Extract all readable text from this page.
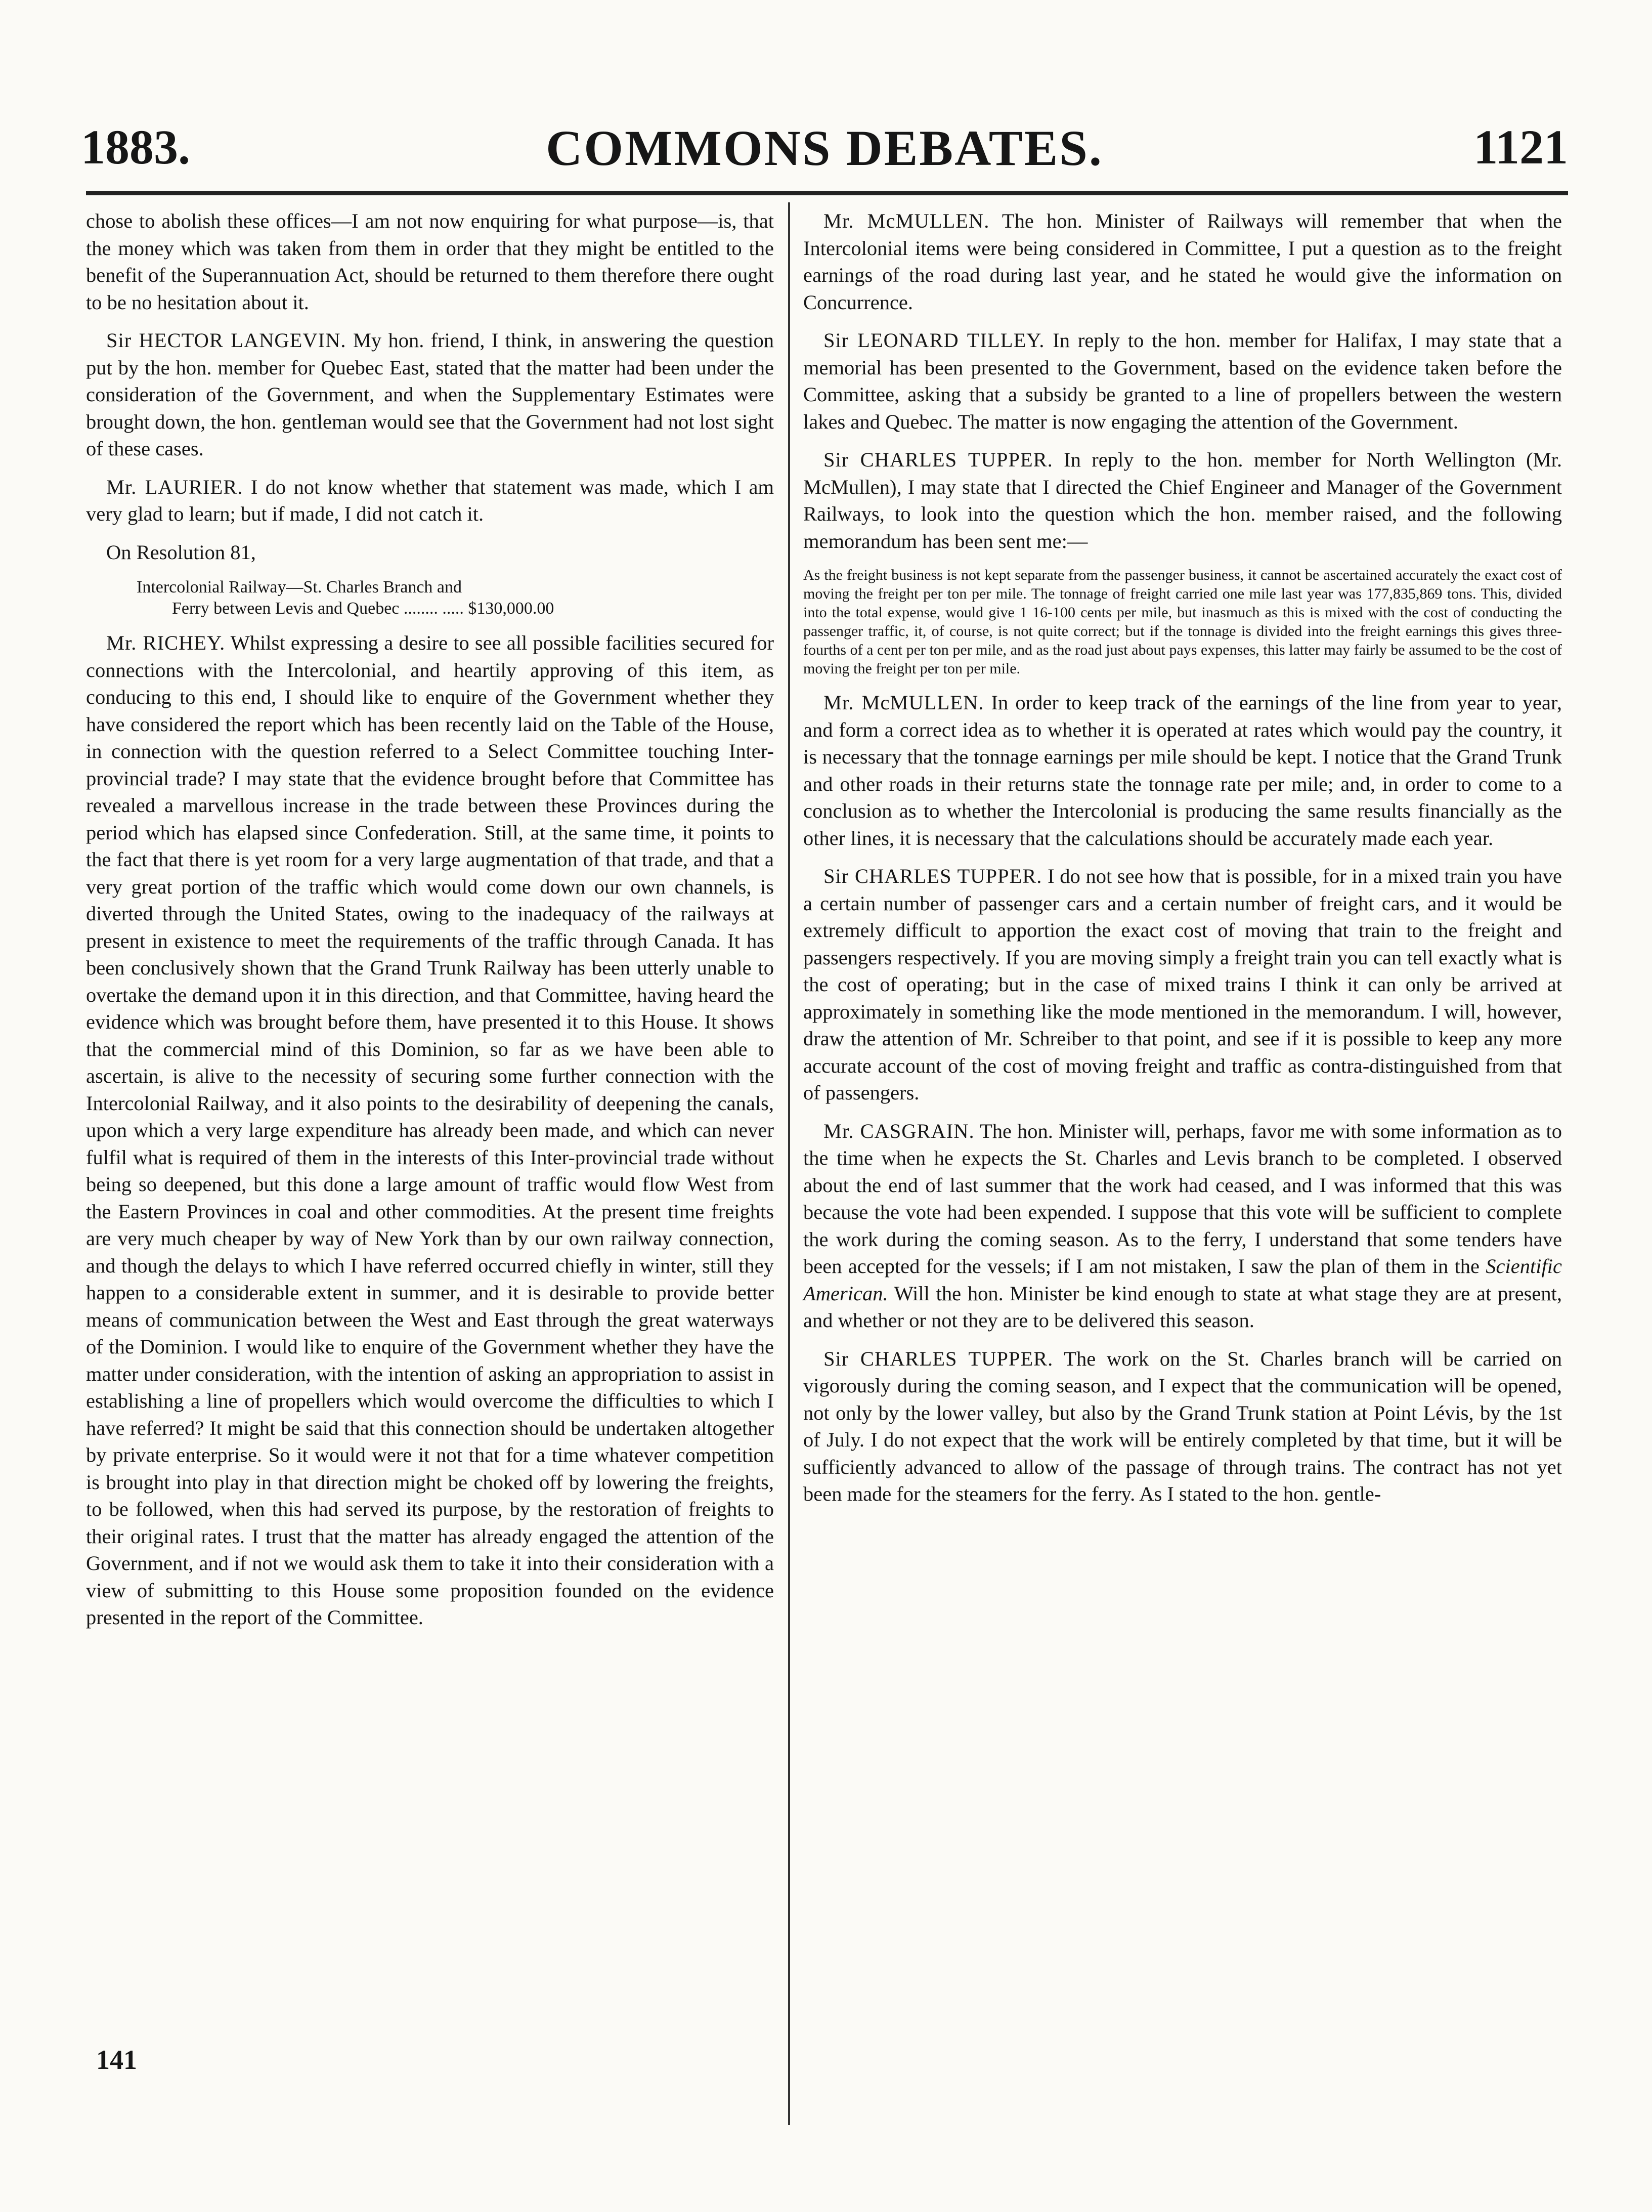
1883.	COMMONS DEBATES.	1121

chose to abolish these offices—I am not now enquiring for what purpose—is, that the money which was taken from them in order that they might be entitled to the benefit of the Superannuation Act, should be returned to them therefore there ought to be no hesitation about it.

Sir HECTOR LANGEVIN. My hon. friend, I think, in answering the question put by the hon. member for Quebec East, stated that the matter had been under the consideration of the Government, and when the Supplementary Estimates were brought down, the hon. gentleman would see that the Government had not lost sight of these cases.

Mr. LAURIER. I do not know whether that statement was made, which I am very glad to learn; but if made, I did not catch it.

On Resolution 81,

Intercolonial Railway—St. Charles Branch and
Ferry between Levis and Quebec ........ ..... $130,000.00

Mr. RICHEY. Whilst expressing a desire to see all possible facilities secured for connections with the Intercolonial, and heartily approving of this item, as conducing to this end, I should like to enquire of the Government whether they have considered the report which has been recently laid on the Table of the House, in connection with the question referred to a Select Committee touching Inter-provincial trade? I may state that the evidence brought before that Committee has revealed a marvellous increase in the trade between these Provinces during the period which has elapsed since Confederation. Still, at the same time, it points to the fact that there is yet room for a very large augmentation of that trade, and that a very great portion of the traffic which would come down our own channels, is diverted through the United States, owing to the inadequacy of the railways at present in existence to meet the requirements of the traffic through Canada. It has been conclusively shown that the Grand Trunk Railway has been utterly unable to overtake the demand upon it in this direction, and that Committee, having heard the evidence which was brought before them, have presented it to this House. It shows that the commercial mind of this Dominion, so far as we have been able to ascertain, is alive to the necessity of securing some further connection with the Intercolonial Railway, and it also points to the desirability of deepening the canals, upon which a very large expenditure has already been made, and which can never fulfil what is required of them in the interests of this Inter-provincial trade without being so deepened, but this done a large amount of traffic would flow West from the Eastern Provinces in coal and other commodities. At the present time freights are very much cheaper by way of New York than by our own railway connection, and though the delays to which I have referred occurred chiefly in winter, still they happen to a considerable extent in summer, and it is desirable to provide better means of communication between the West and East through the great waterways of the Dominion. I would like to enquire of the Government whether they have the matter under consideration, with the intention of asking an appropriation to assist in establishing a line of propellers which would overcome the difficulties to which I have referred? It might be said that this connection should be undertaken altogether by private enterprise. So it would were it not that for a time whatever competition is brought into play in that direction might be choked off by lowering the freights, to be followed, when this had served its purpose, by the restoration of freights to their original rates. I trust that the matter has already engaged the attention of the Government, and if not we would ask them to take it into their consideration with a view of submitting to this House some proposition founded on the evidence presented in the report of the Committee.

Mr. McMULLEN. The hon. Minister of Railways will remember that when the Intercolonial items were being considered in Committee, I put a question as to the freight earnings of the road during last year, and he stated he would give the information on Concurrence.

Sir LEONARD TILLEY. In reply to the hon. member for Halifax, I may state that a memorial has been presented to the Government, based on the evidence taken before the Committee, asking that a subsidy be granted to a line of propellers between the western lakes and Quebec. The matter is now engaging the attention of the Government.

Sir CHARLES TUPPER. In reply to the hon. member for North Wellington (Mr. McMullen), I may state that I directed the Chief Engineer and Manager of the Government Railways, to look into the question which the hon. member raised, and the following memorandum has been sent me:—

As the freight business is not kept separate from the passenger business, it cannot be ascertained accurately the exact cost of moving the freight per ton per mile. The tonnage of freight carried one mile last year was 177,835,869 tons. This, divided into the total expense, would give 1 16-100 cents per mile, but inasmuch as this is mixed with the cost of conducting the passenger traffic, it, of course, is not quite correct; but if the tonnage is divided into the freight earnings this gives three-fourths of a cent per ton per mile, and as the road just about pays expenses, this latter may fairly be assumed to be the cost of moving the freight per ton per mile.

Mr. McMULLEN. In order to keep track of the earnings of the line from year to year, and form a correct idea as to whether it is operated at rates which would pay the country, it is necessary that the tonnage earnings per mile should be kept. I notice that the Grand Trunk and other roads in their returns state the tonnage rate per mile; and, in order to come to a conclusion as to whether the Intercolonial is producing the same results financially as the other lines, it is necessary that the calculations should be accurately made each year.

Sir CHARLES TUPPER. I do not see how that is possible, for in a mixed train you have a certain number of passenger cars and a certain number of freight cars, and it would be extremely difficult to apportion the exact cost of moving that train to the freight and passengers respectively. If you are moving simply a freight train you can tell exactly what is the cost of operating; but in the case of mixed trains I think it can only be arrived at approximately in something like the mode mentioned in the memorandum. I will, however, draw the attention of Mr. Schreiber to that point, and see if it is possible to keep any more accurate account of the cost of moving freight and traffic as contra-distinguished from that of passengers.

Mr. CASGRAIN. The hon. Minister will, perhaps, favor me with some information as to the time when he expects the St. Charles and Levis branch to be completed. I observed about the end of last summer that the work had ceased, and I was informed that this was because the vote had been expended. I suppose that this vote will be sufficient to complete the work during the coming season. As to the ferry, I understand that some tenders have been accepted for the vessels; if I am not mistaken, I saw the plan of them in the Scientific American. Will the hon. Minister be kind enough to state at what stage they are at present, and whether or not they are to be delivered this season.

Sir CHARLES TUPPER. The work on the St. Charles branch will be carried on vigorously during the coming season, and I expect that the communication will be opened, not only by the lower valley, but also by the Grand Trunk station at Point Lévis, by the 1st of July. I do not expect that the work will be entirely completed by that time, but it will be sufficiently advanced to allow of the passage of through trains. The contract has not yet been made for the steamers for the ferry. As I stated to the hon. gentle-

141
